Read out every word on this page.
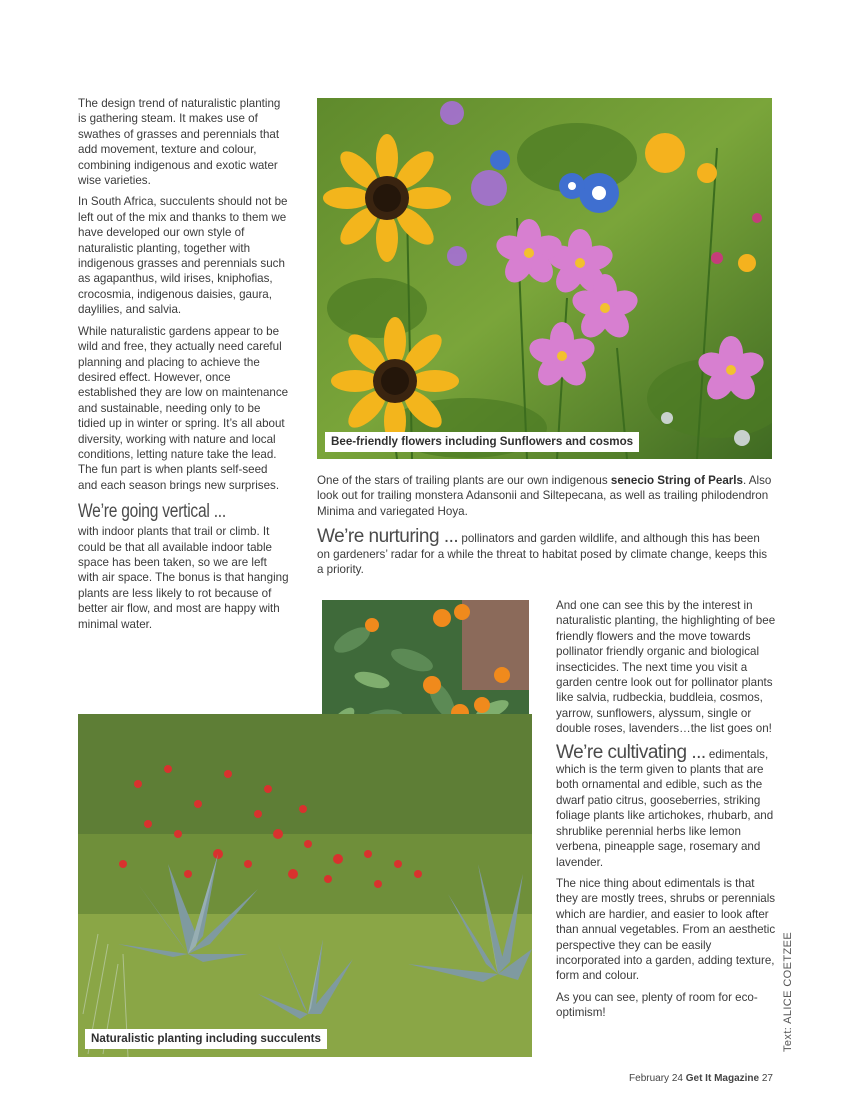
The design trend of naturalistic planting is gathering steam. It makes use of swathes of grasses and perennials that add movement, texture and colour, combining indigenous and exotic water wise varieties.

In South Africa, succulents should not be left out of the mix and thanks to them we have developed our own style of naturalistic planting, together with indigenous grasses and perennials such as agapanthus, wild irises, kniphofias, crocosmia, indigenous daisies, gaura, daylilies, and salvia.

While naturalistic gardens appear to be wild and free, they actually need careful planning and placing to achieve the desired effect. However, once established they are low on maintenance and sustainable, needing only to be tidied up in winter or spring. It’s all about diversity, working with nature and local conditions, letting nature take the lead. The fun part is when plants self-seed and each season brings new surprises.

We’re going vertical ...

with indoor plants that trail or climb. It could be that all available indoor table space has been taken, so we are left with air space. The bonus is that hanging plants are less likely to rot because of better air flow, and most are happy with minimal water.

Bee-friendly flowers including Sunflowers and cosmos

One of the stars of trailing plants are our own indigenous senecio String of Pearls. Also look out for trailing monstera Adansonii and Siltepecana, as well as trailing philodendron Minima and variegated Hoya.

We’re nurturing ... pollinators and garden wildlife, and although this has been on gardeners’ radar for a while the threat to habitat posed by climate change, keeps this a priority.

Naturalistic planting including succulents

And one can see this by the interest in naturalistic planting, the highlighting of bee friendly flowers and the move towards pollinator friendly organic and biological insecticides. The next time you visit a garden centre look out for pollinator plants like salvia, rudbeckia, buddleia, cosmos, yarrow, sunflowers, alyssum, single or double roses, lavenders…the list goes on!

We’re cultivating ... edimentals, which is the term given to plants that are both ornamental and edible, such as the dwarf patio citrus, gooseberries, striking foliage plants like artichokes, rhubarb, and shrublike perennial herbs like lemon verbena, pineapple sage, rosemary and lavender.

The nice thing about edimentals is that they are mostly trees, shrubs or perennials which are hardier, and easier to look after than annual vegetables. From an aesthetic perspective they can be easily incorporated into a garden, adding texture, form and colour.

As you can see, plenty of room for eco-optimism!	Text: ALICE COETZEE
February 24 Get It Magazine 27
